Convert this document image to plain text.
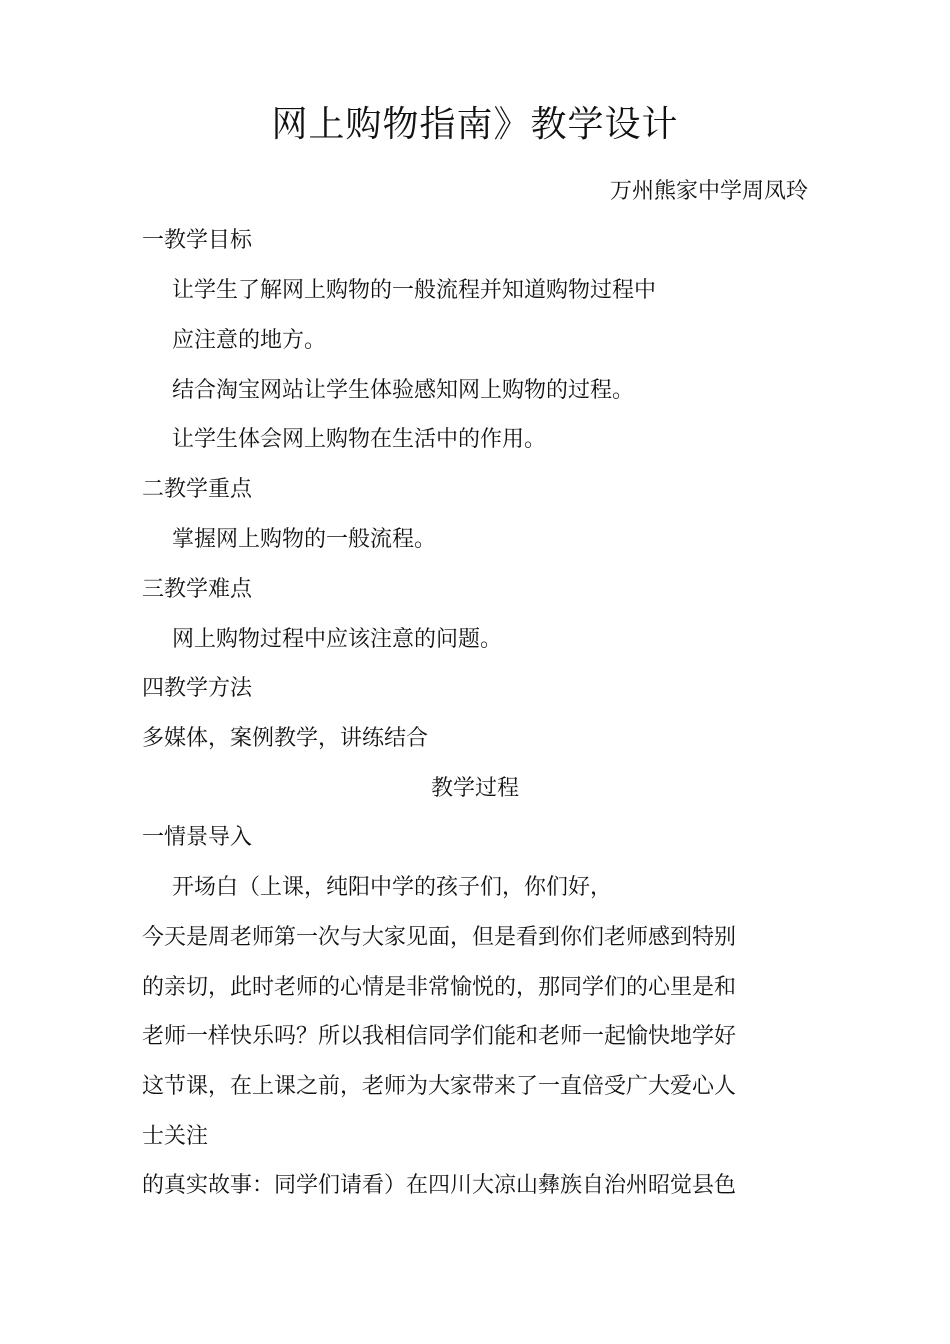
网上购物指南》教学设计
万州熊家中学周凤玲
一教学目标
让学生了解网上购物的一般流程并知道购物过程中
应注意的地方。
结合淘宝网站让学生体验感知网上购物的过程。
让学生体会网上购物在生活中的作用。
二教学重点
掌握网上购物的一般流程。
三教学难点
网上购物过程中应该注意的问题。
四教学方法
多媒体，案例教学，讲练结合
教学过程
一情景导入
开场白（上课，纯阳中学的孩子们，你们好，
今天是周老师第一次与大家见面，但是看到你们老师感到特别
的亲切，此时老师的心情是非常愉悦的，那同学们的心里是和
老师一样快乐吗？所以我相信同学们能和老师一起愉快地学好
这节课，在上课之前，老师为大家带来了一直倍受广大爱心人
士关注
的真实故事：同学们请看）在四川大凉山彝族自治州昭觉县色
